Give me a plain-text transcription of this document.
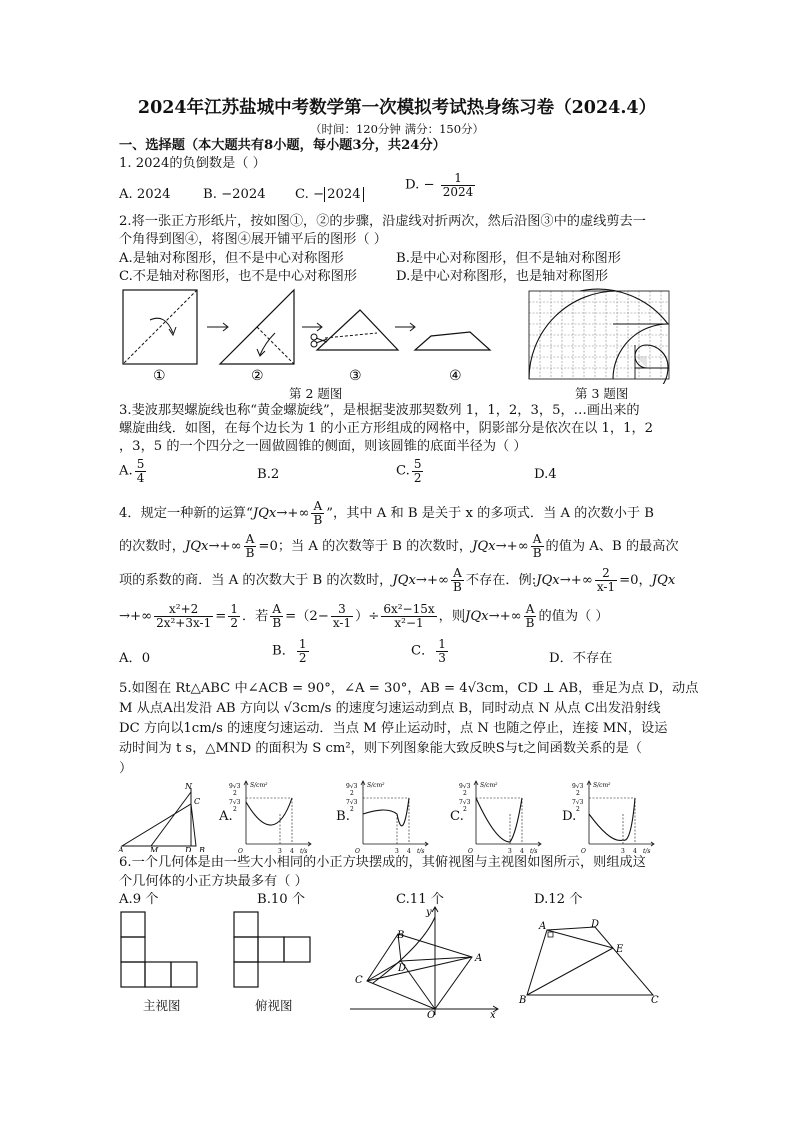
2024年江苏盐城中考数学第一次模拟考试热身练习卷（2024.4）
（时间：120分钟 满分：150分）
一、选择题（本大题共有8小题，每小题3分，共24分）
1. 2024的负倒数是（ ）
A. 2024 B. −2024 C. − 2024
D. − $\frac{1}{2024}$
2.将一张正方形纸片，按如图①，②的步骤，沿虚线对折两次，然后沿图③中的虚线剪去一
个角得到图④，将图④展开铺平后的图形（ ）
A.是轴对称图形，但不是中心对称图形	B.是中心对称图形，但不是轴对称图形
C.不是轴对称图形，也不是中心对称图形	D.是中心对称图形，也是轴对称图形
①	②	③	④
第 2 题图	第 3 题图
3.斐波那契螺旋线也称“黄金螺旋线”，是根据斐波那契数列 1，1，2，3，5，…画出来的
螺旋曲线．如图，在每个边长为 1 的小正方形组成的网格中，阴影部分是依次在以 1，1，2
，3，5 的一个四分之一圆做圆锥的侧面，则该圆锥的底面半径为（ ）
A. $\frac{5}{4}$	B.2	C. $\frac{5}{2}$	D.4
4．规定一种新的运算“$JQx\to+\infty \frac{A}{B}$ ”，其中 A 和 B 是关于 x 的多项式．当 A 的次数小于 B
的次数时，$JQx\to+\infty \frac{A}{B} =0$；当 A 的次数等于 B 的次数时，$JQx\to+\infty \frac{A}{B}$ 的值为 A、B 的最高次
项的系数的商．当 A 的次数大于 B 的次数时，$JQx\to+\infty \frac{A}{B}$ 不存在．例:JQx→+∞ $\frac{2}{x-1} =0$，JQx
→+∞ $\frac{\text{x²+2}}{\text{2x²+3x-1}} = \frac{1}{2}$ ．若 $\frac{A}{B} =(2- \frac{3}{x-1}$ ）÷ $\frac{\text{6x²−15x}}{\text{x²−1}}$ ，则$JQx\to+\infty \frac{A}{B}$ 的值为（ ）
A．0	B． $\frac{1}{2}$	C． $\frac{1}{3}$	D．不存在
5.如图在 Rt△ABC 中∠ACB = 90°，∠A = 30°，AB = 4√3cm，CD ⊥ AB，垂足为点 D，动点
M 从点A出发沿 AB 方向以 √3cm/s 的速度匀速运动到点 B，同时动点 N 从点 C出发沿射线
DC 方向以1cm/s 的速度匀速运动．当点 M 停止运动时，点 N 也随之停止，连接 MN，设运
动时间为 t s，△MND 的面积为 S cm²，则下列图象能大致反映S与t之间函数关系的是（
）
N
C
A	M	D B
A.	B.	C.	D.
S/cm²
9√3
2
7√3
2
O	3 4 t/s
S/cm²
9√3
2
7√3
2
O	3 4 t/s
S/cm²
9√3
2
7√3
2
O	3 4 t/s
S/cm²
9√3
2
7√3
2
O	3 4 t/s
6.一个几何体是由一些大小相同的小正方块摆成的，其俯视图与主视图如图所示，则组成这
个几何体的小正方块最多有（ ）
A.9 个	B.10 个	C.11 个	D.12 个
主视图	俯视图
y
B
D
A
C
O	x
A	D
E
B	C
